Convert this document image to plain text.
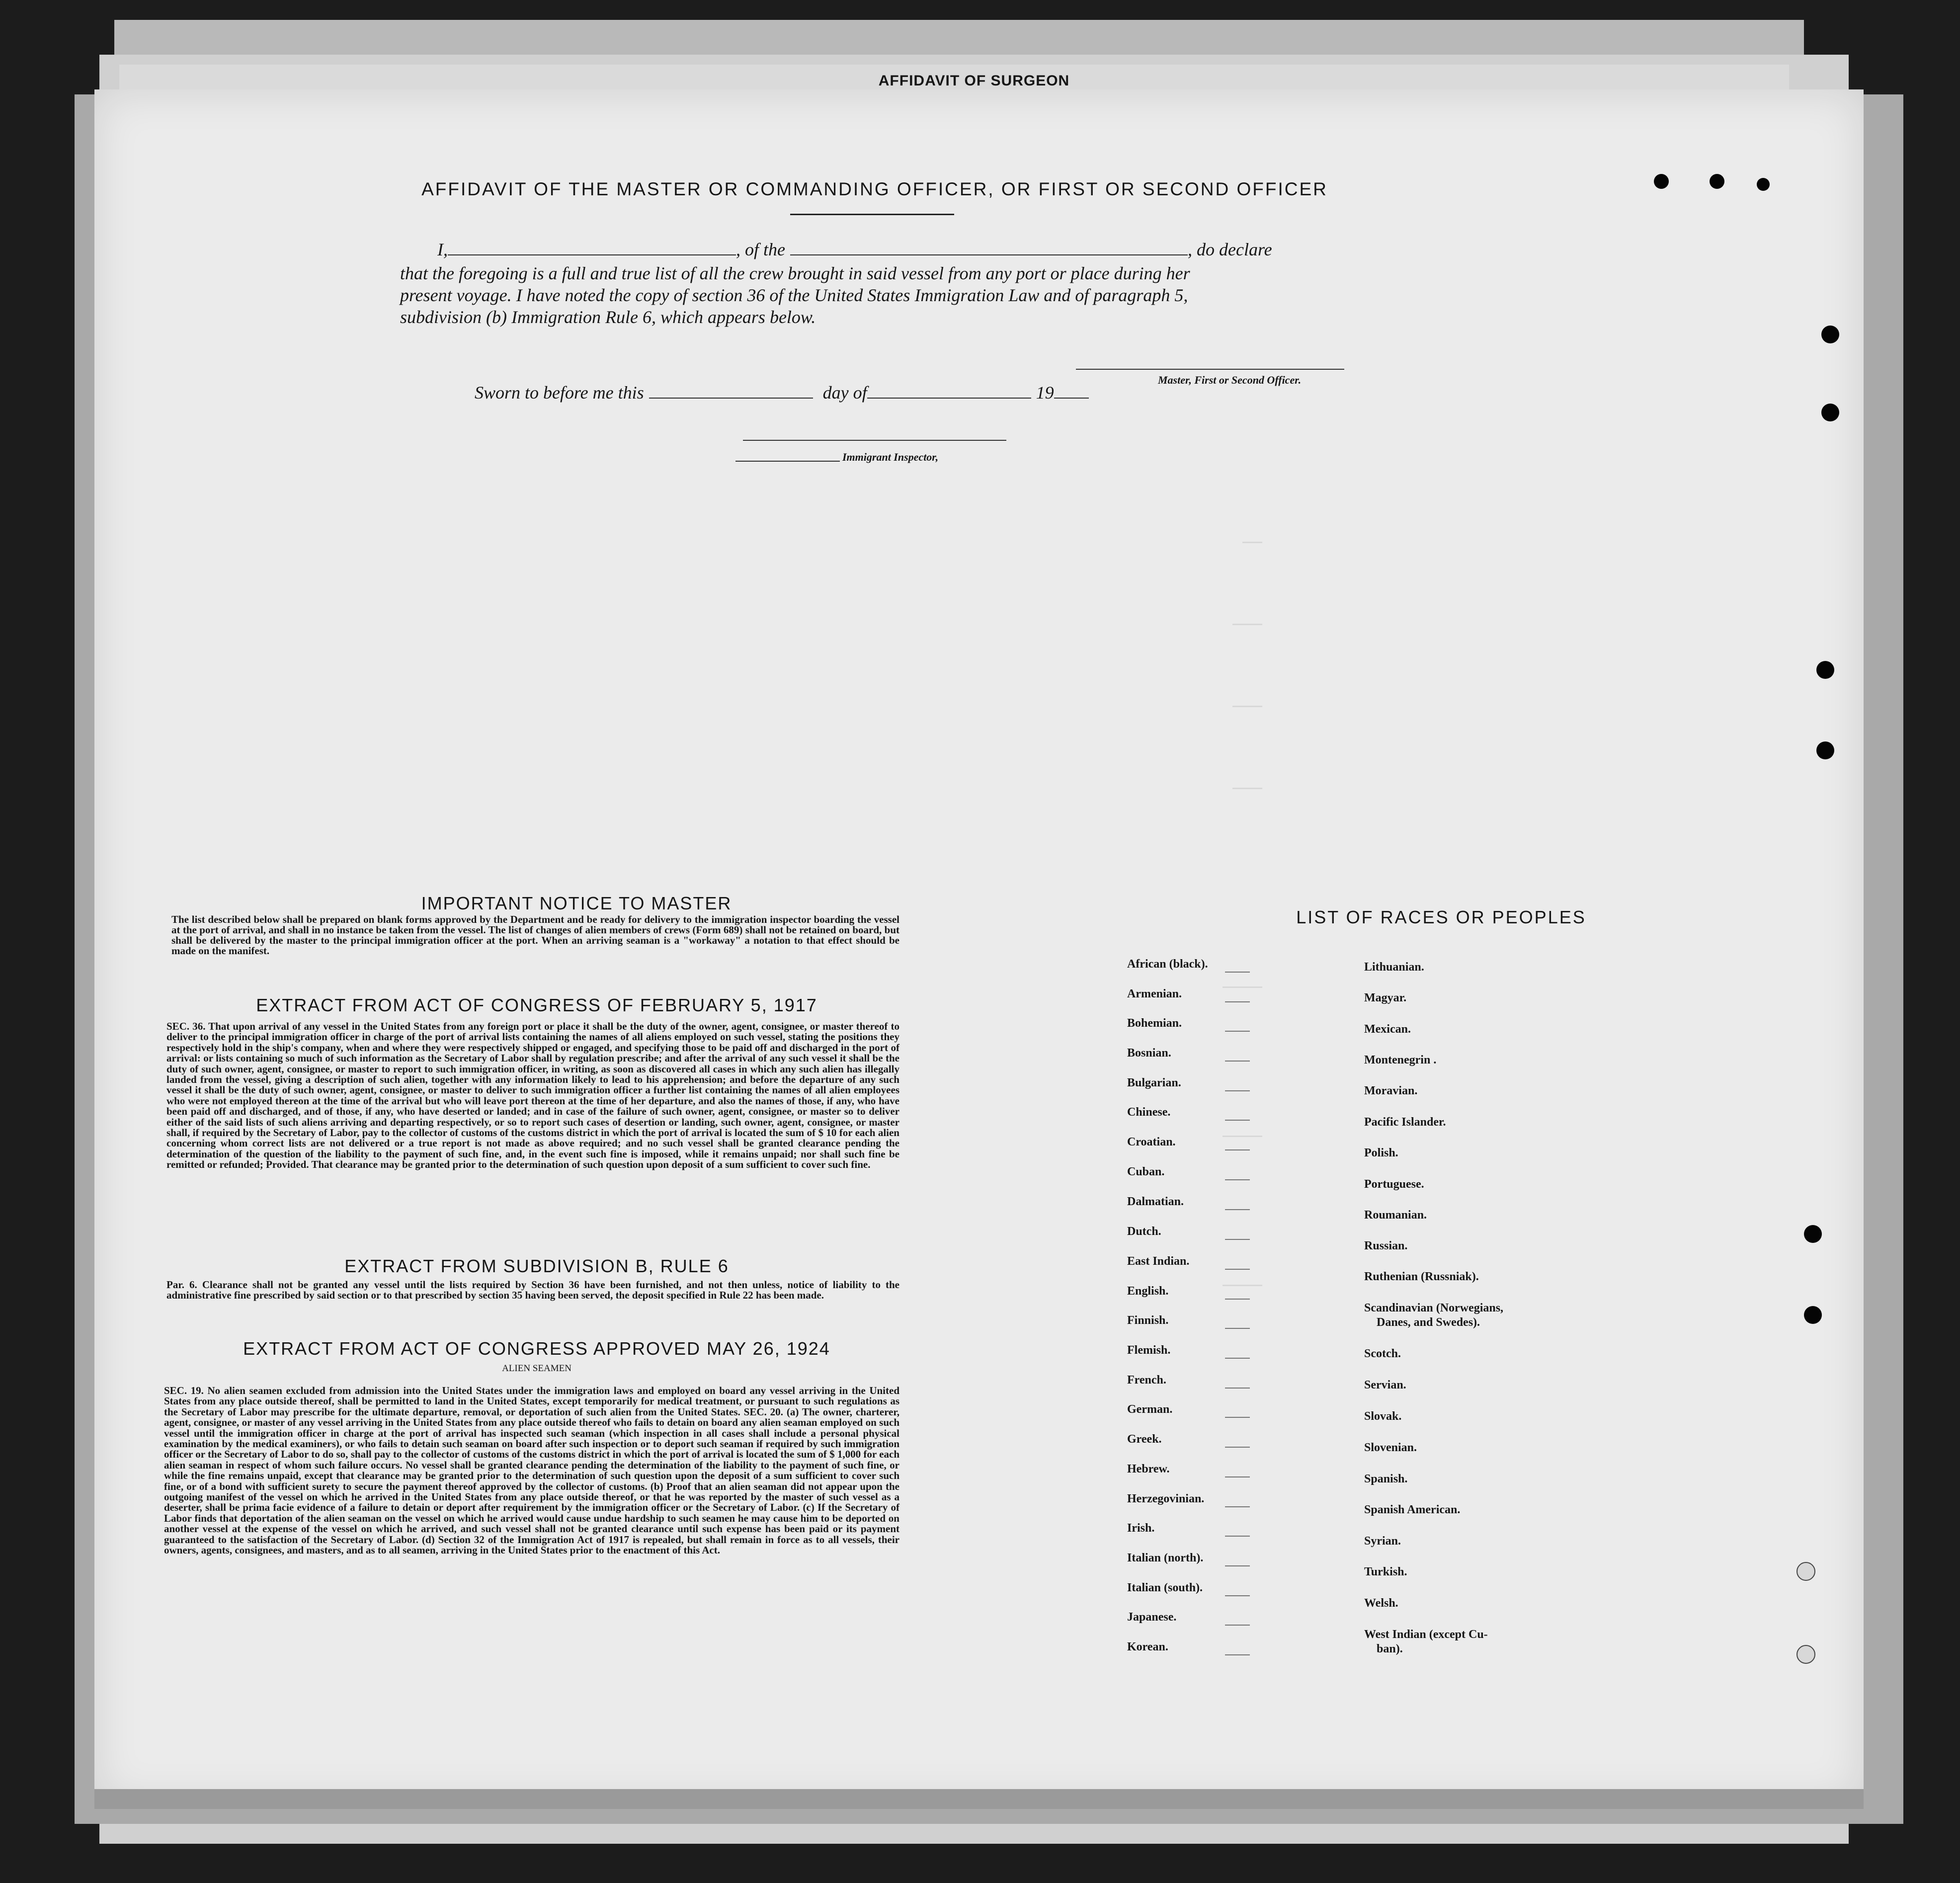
AFFIDAVIT OF SURGEON
AFFIDAVIT OF THE MASTER OR COMMANDING OFFICER, OR FIRST OR SECOND OFFICER
I,	, of the	, do declare
that the foregoing is a full and true list of all the crew brought in said vessel from any port or place during her
present voyage. I have noted the copy of section 36 of the United States Immigration Law and of paragraph 5,
subdivision (b) Immigration Rule 6, which appears below.
Master, First or Second Officer.
Sworn to before me this	day of	19
Immigrant Inspector,
IMPORTANT NOTICE TO MASTER
The list described below shall be prepared on blank forms approved by the Department and be ready for delivery to the immigration inspector boarding the vessel at the port of arrival, and shall in no instance be taken from the vessel. The list of changes of alien members of crews (Form 689) shall not be retained on board, but shall be delivered by the master to the principal immigration officer at the port. When an arriving seaman is a "workaway" a notation to that effect should be made on the manifest.
EXTRACT FROM ACT OF CONGRESS OF FEBRUARY 5, 1917
SEC. 36. That upon arrival of any vessel in the United States from any foreign port or place it shall be the duty of the owner, agent, consignee, or master thereof to deliver to the principal immigration officer in charge of the port of arrival lists containing the names of all aliens employed on such vessel, stating the positions they respectively hold in the ship's company, when and where they were respectively shipped or engaged, and specifying those to be paid off and discharged in the port of arrival: or lists containing so much of such information as the Secretary of Labor shall by regulation prescribe; and after the arrival of any such vessel it shall be the duty of such owner, agent, consignee, or master to report to such immigration officer, in writing, as soon as discovered all cases in which any such alien has illegally landed from the vessel, giving a description of such alien, together with any information likely to lead to his apprehension; and before the departure of any such vessel it shall be the duty of such owner, agent, consignee, or master to deliver to such immigration officer a further list containing the names of all alien employees who were not employed thereon at the time of the arrival but who will leave port thereon at the time of her departure, and also the names of those, if any, who have been paid off and discharged, and of those, if any, who have deserted or landed; and in case of the failure of such owner, agent, consignee, or master so to deliver either of the said lists of such aliens arriving and departing respectively, or so to report such cases of desertion or landing, such owner, agent, consignee, or master shall, if required by the Secretary of Labor, pay to the collector of customs of the customs district in which the port of arrival is located the sum of $ 10 for each alien concerning whom correct lists are not delivered or a true report is not made as above required; and no such vessel shall be granted clearance pending the determination of the question of the liability to the payment of such fine, and, in the event such fine is imposed, while it remains unpaid; nor shall such fine be remitted or refunded; Provided. That clearance may be granted prior to the determination of such question upon deposit of a sum sufficient to cover such fine.
EXTRACT FROM SUBDIVISION B, RULE 6
Par. 6. Clearance shall not be granted any vessel until the lists required by Section 36 have been furnished, and not then unless, notice of liability to the administrative fine prescribed by said section or to that prescribed by section 35 having been served, the deposit specified in Rule 22 has been made.
EXTRACT FROM ACT OF CONGRESS APPROVED MAY 26, 1924
ALIEN SEAMEN
SEC. 19. No alien seamen excluded from admission into the United States under the immigration laws and employed on board any vessel arriving in the United States from any place outside thereof, shall be permitted to land in the United States, except temporarily for medical treatment, or pursuant to such regulations as the Secretary of Labor may prescribe for the ultimate departure, removal, or deportation of such alien from the United States. SEC. 20. (a) The owner, charterer, agent, consignee, or master of any vessel arriving in the United States from any place outside thereof who fails to detain on board any alien seaman employed on such vessel until the immigration officer in charge at the port of arrival has inspected such seaman (which inspection in all cases shall include a personal physical examination by the medical examiners), or who fails to detain such seaman on board after such inspection or to deport such seaman if required by such immigration officer or the Secretary of Labor to do so, shall pay to the collector of customs of the customs district in which the port of arrival is located the sum of $ 1,000 for each alien seaman in respect of whom such failure occurs. No vessel shall be granted clearance pending the determination of the liability to the payment of such fine, or while the fine remains unpaid, except that clearance may be granted prior to the determination of such question upon the deposit of a sum sufficient to cover such fine, or of a bond with sufficient surety to secure the payment thereof approved by the collector of customs. (b) Proof that an alien seaman did not appear upon the outgoing manifest of the vessel on which he arrived in the United States from any place outside thereof, or that he was reported by the master of such vessel as a deserter, shall be prima facie evidence of a failure to detain or deport after requirement by the immigration officer or the Secretary of Labor. (c) If the Secretary of Labor finds that deportation of the alien seaman on the vessel on which he arrived would cause undue hardship to such seamen he may cause him to be deported on another vessel at the expense of the vessel on which he arrived, and such vessel shall not be granted clearance until such expense has been paid or its payment guaranteed to the satisfaction of the Secretary of Labor. (d) Section 32 of the Immigration Act of 1917 is repealed, but shall remain in force as to all vessels, their owners, agents, consignees, and masters, and as to all seamen, arriving in the United States prior to the enactment of this Act.
LIST OF RACES OR PEOPLES
African (black).
Armenian.
Bohemian.
Bosnian.
Bulgarian.
Chinese.
Croatian.
Cuban.
Dalmatian.
Dutch.
East Indian.
English.
Finnish.
Flemish.
French.
German.
Greek.
Hebrew.
Herzegovinian.
Irish.
Italian (north).
Italian (south).
Japanese.
Korean.
Lithuanian.
Magyar.
Mexican.
Montenegrin .
Moravian.
Pacific Islander.
Polish.
Portuguese.
Roumanian.
Russian.
Ruthenian (Russniak).
Scandinavian (Norwegians,
Danes, and Swedes).
Scotch.
Servian.
Slovak.
Slovenian.
Spanish.
Spanish American.
Syrian.
Turkish.
Welsh.
West Indian (except Cu-
ban).
